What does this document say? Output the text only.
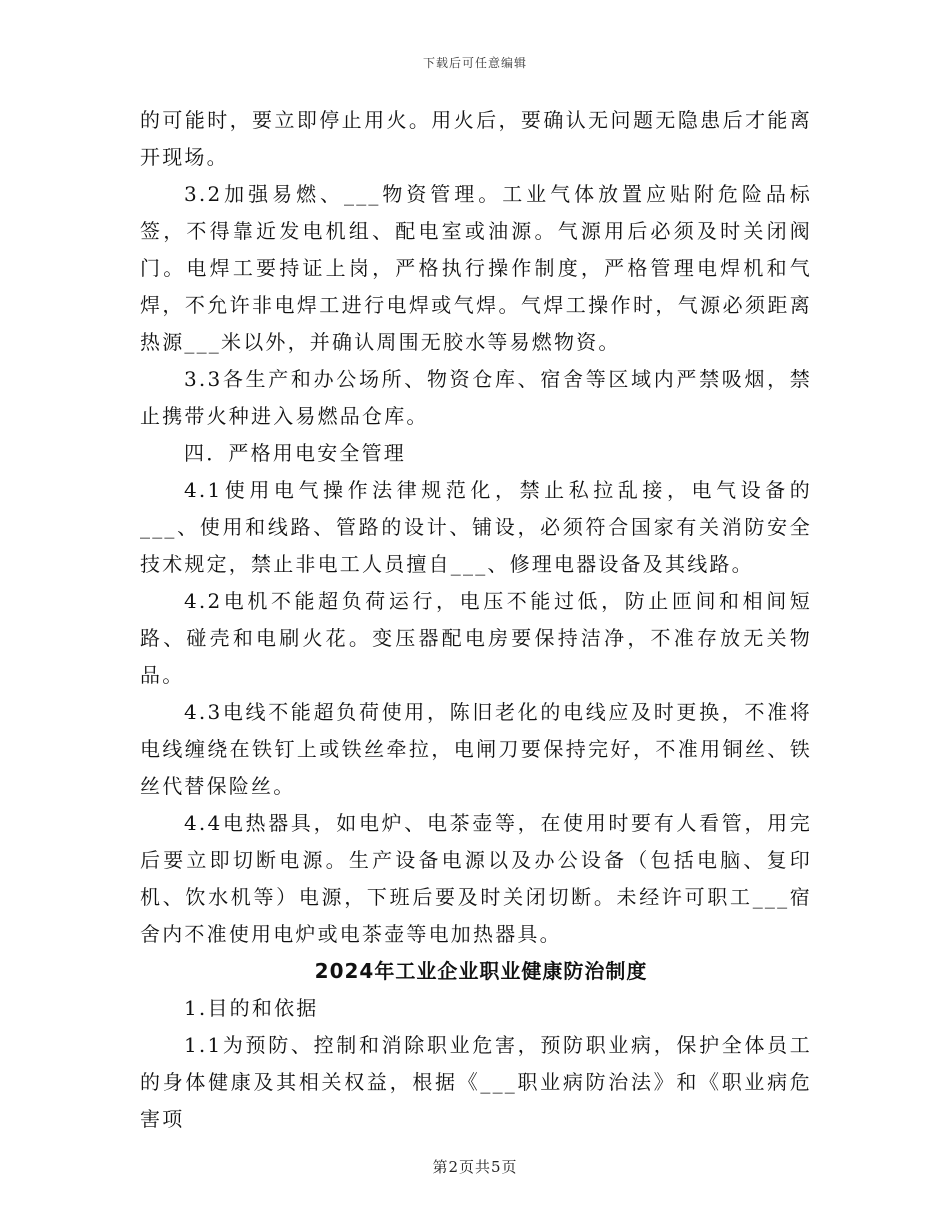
下载后可任意编辑

的可能时，要立即停止用火。用火后，要确认无问题无隐患后才能离开现场。

3.2加强易燃、___物资管理。工业气体放置应贴附危险品标签，不得靠近发电机组、配电室或油源。气源用后必须及时关闭阀门。电焊工要持证上岗，严格执行操作制度，严格管理电焊机和气焊，不允许非电焊工进行电焊或气焊。气焊工操作时，气源必须距离热源___米以外，并确认周围无胶水等易燃物资。

3.3各生产和办公场所、物资仓库、宿舍等区域内严禁吸烟，禁止携带火种进入易燃品仓库。

四．严格用电安全管理

4.1使用电气操作法律规范化，禁止私拉乱接，电气设备的___、使用和线路、管路的设计、铺设，必须符合国家有关消防安全技术规定，禁止非电工人员擅自___、修理电器设备及其线路。

4.2电机不能超负荷运行，电压不能过低，防止匝间和相间短路、碰壳和电刷火花。变压器配电房要保持洁净，不准存放无关物品。

4.3电线不能超负荷使用，陈旧老化的电线应及时更换，不准将电线缠绕在铁钉上或铁丝牵拉，电闸刀要保持完好，不准用铜丝、铁丝代替保险丝。

4.4电热器具，如电炉、电茶壶等，在使用时要有人看管，用完后要立即切断电源。生产设备电源以及办公设备（包括电脑、复印机、饮水机等）电源，下班后要及时关闭切断。未经许可职工___宿舍内不准使用电炉或电茶壶等电加热器具。

2024年工业企业职业健康防治制度

1.目的和依据

1.1为预防、控制和消除职业危害，预防职业病，保护全体员工的身体健康及其相关权益，根据《___职业病防治法》和《职业病危害项

第2页共5页
